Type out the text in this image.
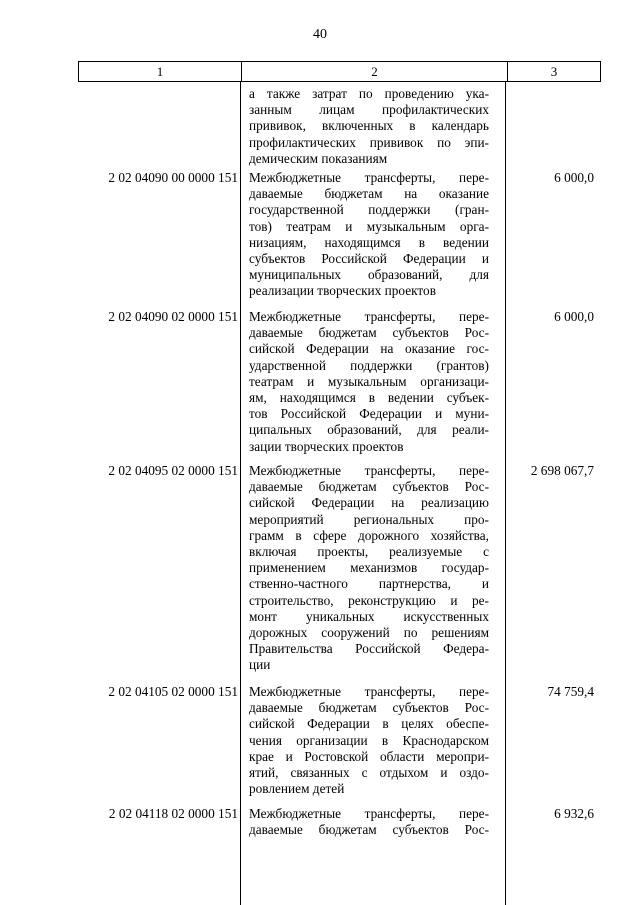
40
1	2	3
а также затрат по проведению ука-
занным лицам профилактических
прививок, включенных в календарь
профилактических прививок по эпи-
демическим показаниям
2 02 04090 00 0000 151 Межбюджетные трансферты, пере-
даваемые бюджетам на оказание
государственной поддержки (гран-
тов) театрам и музыкальным орга-
низациям, находящимся в ведении
субъектов Российской Федерации и
муниципальных образований, для
реализации творческих проектов
6 000,0
2 02 04090 02 0000 151 Межбюджетные трансферты, пере-
даваемые бюджетам субъектов Рос-
сийской Федерации на оказание гос-
ударственной поддержки (грантов)
театрам и музыкальным организаци-
ям, находящимся в ведении субъек-
тов Российской Федерации и муни-
ципальных образований, для реали-
зации творческих проектов
6 000,0
2 02 04095 02 0000 151 Межбюджетные трансферты, пере-
даваемые бюджетам субъектов Рос-
сийской Федерации на реализацию
мероприятий региональных про-
грамм в сфере дорожного хозяйства,
включая проекты, реализуемые с
применением механизмов государ-
ственно-частного партнерства, и
строительство, реконструкцию и ре-
монт уникальных искусственных
дорожных сооружений по решениям
Правительства Российской Федера-
ции
2 698 067,7
2 02 04105 02 0000 151 Межбюджетные трансферты, пере-
даваемые бюджетам субъектов Рос-
сийской Федерации в целях обеспе-
чения организации в Краснодарском
крае и Ростовской области меропри-
ятий, связанных с отдыхом и оздо-
ровлением детей
74 759,4
2 02 04118 02 0000 151 Межбюджетные трансферты, пере-
даваемые бюджетам субъектов Рос-
6 932,6
